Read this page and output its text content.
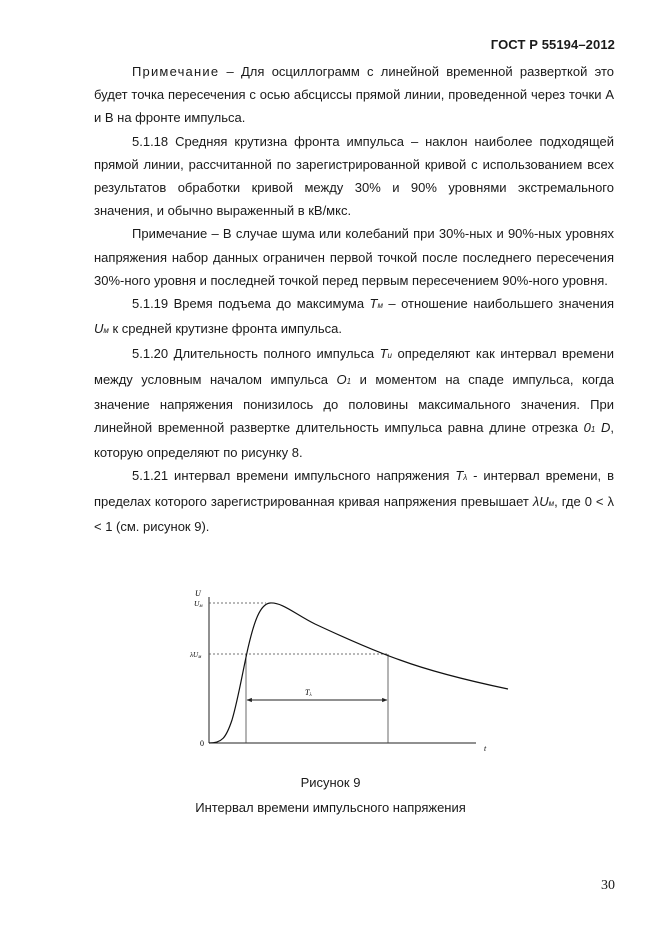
ГОСТ Р 55194–2012

Примечание – Для осциллограмм с линейной временной разверткой это будет точка пересечения с осью абсцисcы прямой линии, проведенной через точки А и В на фронте импульса.

5.1.18 Средняя крутизна фронта импульса – наклон наиболее подходящей прямой линии, рассчитанной по зарегистрированной кривой с использованием всех результатов обработки кривой между 30% и 90% уровнями экстремального значения, и обычно выраженный в кВ/мкс.

Примечание – В случае шума или колебаний при 30%-ных и 90%-ных уровнях напряжения набор данных ограничен первой точкой после последнего пересечения 30%-ного уровня и последней точкой перед первым пересечением 90%-ного уровня.

5.1.19 Время подъема до максимума Тм – отношение наибольшего значения Uм к средней крутизне фронта импульса.

5.1.20 Длительность полного импульса Тu определяют как интервал времени между условным началом импульса О1 и моментом на спаде импульса, когда значение напряжения понизилось до половины максимального значения. При линейной временной развертке длительность импульса равна длине отрезка 01 D, которую определяют по рисунку 8.

5.1.21 интервал времени импульсного напряжения Tλ - интервал времени, в пределах которого зарегистрированная кривая напряжения превышает λUм, где 0 < λ < 1 (см. рисунок 9).

U
Uм
λUм
0
t
Tλ
Рисунок 9
Интервал времени импульсного напряжения
30
